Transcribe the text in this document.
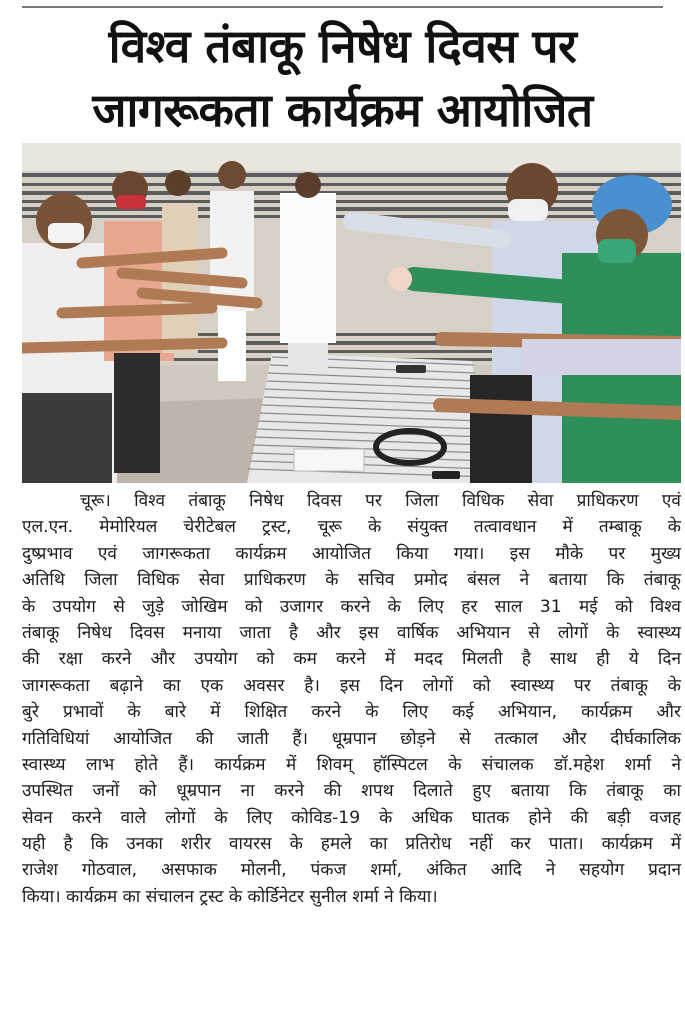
विश्व तंबाकू निषेध दिवस पर
जागरूकता कार्यक्रम आयोजित
चूरू। विश्व तंबाकू निषेध दिवस पर जिला विधिक सेवा प्राधिकरण एवं
एल.एन. मेमोरियल चेरीटेबल ट्रस्ट, चूरू के संयुक्त तत्वावधान में तम्बाकू के
दुष्प्रभाव एवं जागरूकता कार्यक्रम आयोजित किया गया। इस मौके पर मुख्य
अतिथि जिला विधिक सेवा प्राधिकरण के सचिव प्रमोद बंसल ने बताया कि तंबाकू
के उपयोग से जुड़े जोखिम को उजागर करने के लिए हर साल 31 मई को विश्व
तंबाकू निषेध दिवस मनाया जाता है और इस वार्षिक अभियान से लोगों के स्वास्थ्य
की रक्षा करने और उपयोग को कम करने में मदद मिलती है साथ ही ये दिन
जागरूकता बढ़ाने का एक अवसर है। इस दिन लोगों को स्वास्थ्य पर तंबाकू के
बुरे प्रभावों के बारे में शिक्षित करने के लिए कई अभियान, कार्यक्रम और
गतिविधियां आयोजित की जाती हैं। धूम्रपान छोड़ने से तत्काल और दीर्घकालिक
स्वास्थ्य लाभ होते हैं। कार्यक्रम में शिवम् हॉस्पिटल के संचालक डॉ.महेश शर्मा ने
उपस्थित जनों को धूम्रपान ना करने की शपथ दिलाते हुए बताया कि तंबाकू का
सेवन करने वाले लोगों के लिए कोविड-19 के अधिक घातक होने की बड़ी वजह
यही है कि उनका शरीर वायरस के हमले का प्रतिरोध नहीं कर पाता। कार्यक्रम में
राजेश गोठवाल, असफाक मोलनी, पंकज शर्मा, अंकित आदि ने सहयोग प्रदान
किया। कार्यक्रम का संचालन ट्रस्ट के कोर्डिनेटर सुनील शर्मा ने किया।
